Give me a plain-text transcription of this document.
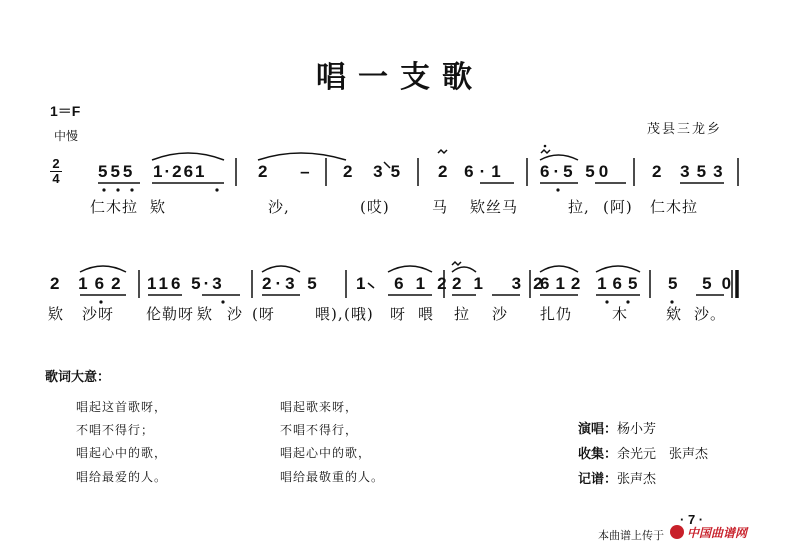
唱一支歌
1＝F
中慢	茂县三龙乡
2
4 555 1·261	2 – 2 35 2 6·1 6·5 50 2 353
仁木拉 欵	沙,	(哎)	马 欵丝马	拉, (阿) 仁木拉
2 162 116 5·3 2·3 5 1 612
21 32
612 165 5 50
欵 沙呀 伦勒呀 欵 沙 (呀	喂), (哦) 呀 喂 拉 沙 扎仍	木	欸 沙。
歌词大意：
唱起这首歌呀，
不唱不得行；
唱起心中的歌，
唱给最爱的人。
唱起歌来呀，
不唱不得行，
唱起心中的歌，
唱给最敬重的人。
演唱：杨小芳
收集：余光元　张声杰
记谱：张声杰
· 7 ·
本曲谱上传于 中国曲谱网
